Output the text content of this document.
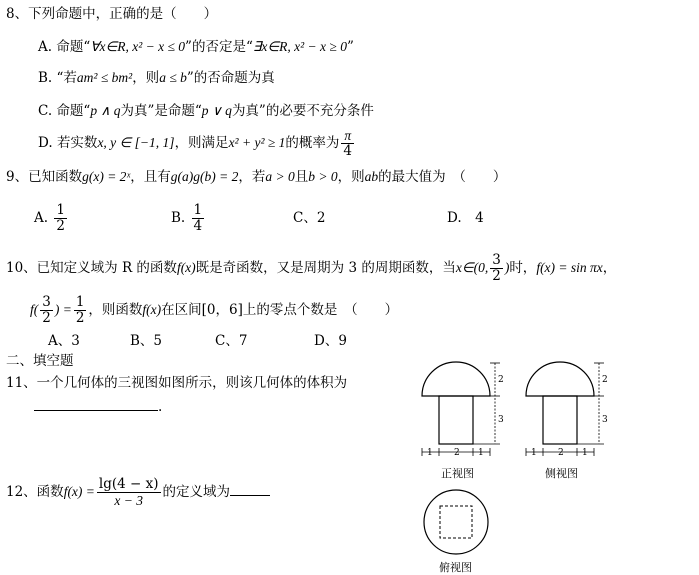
8、下列命题中，正确的是（　　）
A. 命题“∀x∈R, x² − x ≤ 0”的否定是“∃x∈R, x² − x ≥ 0”
B. “若am² ≤ bm²，则a ≤ b”的否命题为真
C. 命题“p ∧ q为真”是命题“p ∨ q为真”的必要不充分条件
D. 若实数x, y ∈ [−1, 1]，则满足x² + y² ≥ 1的概率为 $\frac{\pi}{4}$
9、已知函数g(x) = 2ˣ，且有g(a)g(b) = 2，若a > 0且b > 0，则ab的最大值为　（　　）
A. $\frac{1}{2}$	B. $\frac{1}{4}$	C、2	D.　4
10、已知定义域为 R 的函数f(x)既是奇函数，又是周期为 3 的周期函数，当x∈(0, $\frac{3}{2}$ )时，f(x) = sin πx，
$f( \frac{3}{2}$ ) = $\frac{1}{2}$ ，则函数f(x)在区间[0，6]上的零点个数是　（　　）
A、3	B、5	C、7	D、9
二、填空题
11、一个几何体的三视图如图所示，则该几何体的体积为
.
12、函数$f(x) = \frac{\lg(4 - x)}{x - 3}$ 的定义域为
2
3
1 2 1
正视图
2
3
1 2 1
侧视图
俯视图
